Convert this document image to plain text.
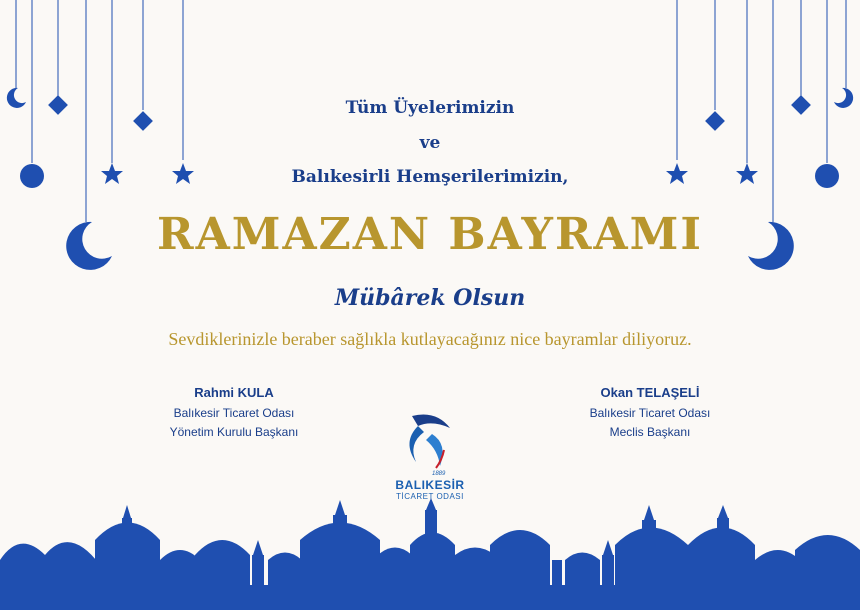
Tüm Üyelerimizin

ve

Balıkesirli Hemşerilerimizin,

RAMAZAN BAYRAMI

Mübârek Olsun

Sevdiklerinizle beraber sağlıkla kutlayacağınız nice bayramlar diliyoruz.

Rahmi KULA
Balıkesir Ticaret Odası
Yönetim Kurulu Başkanı
Okan TELAŞELİ
Balıkesir Ticaret Odası
Meclis Başkanı
1889
BALIKESİR
TİCARET ODASI
